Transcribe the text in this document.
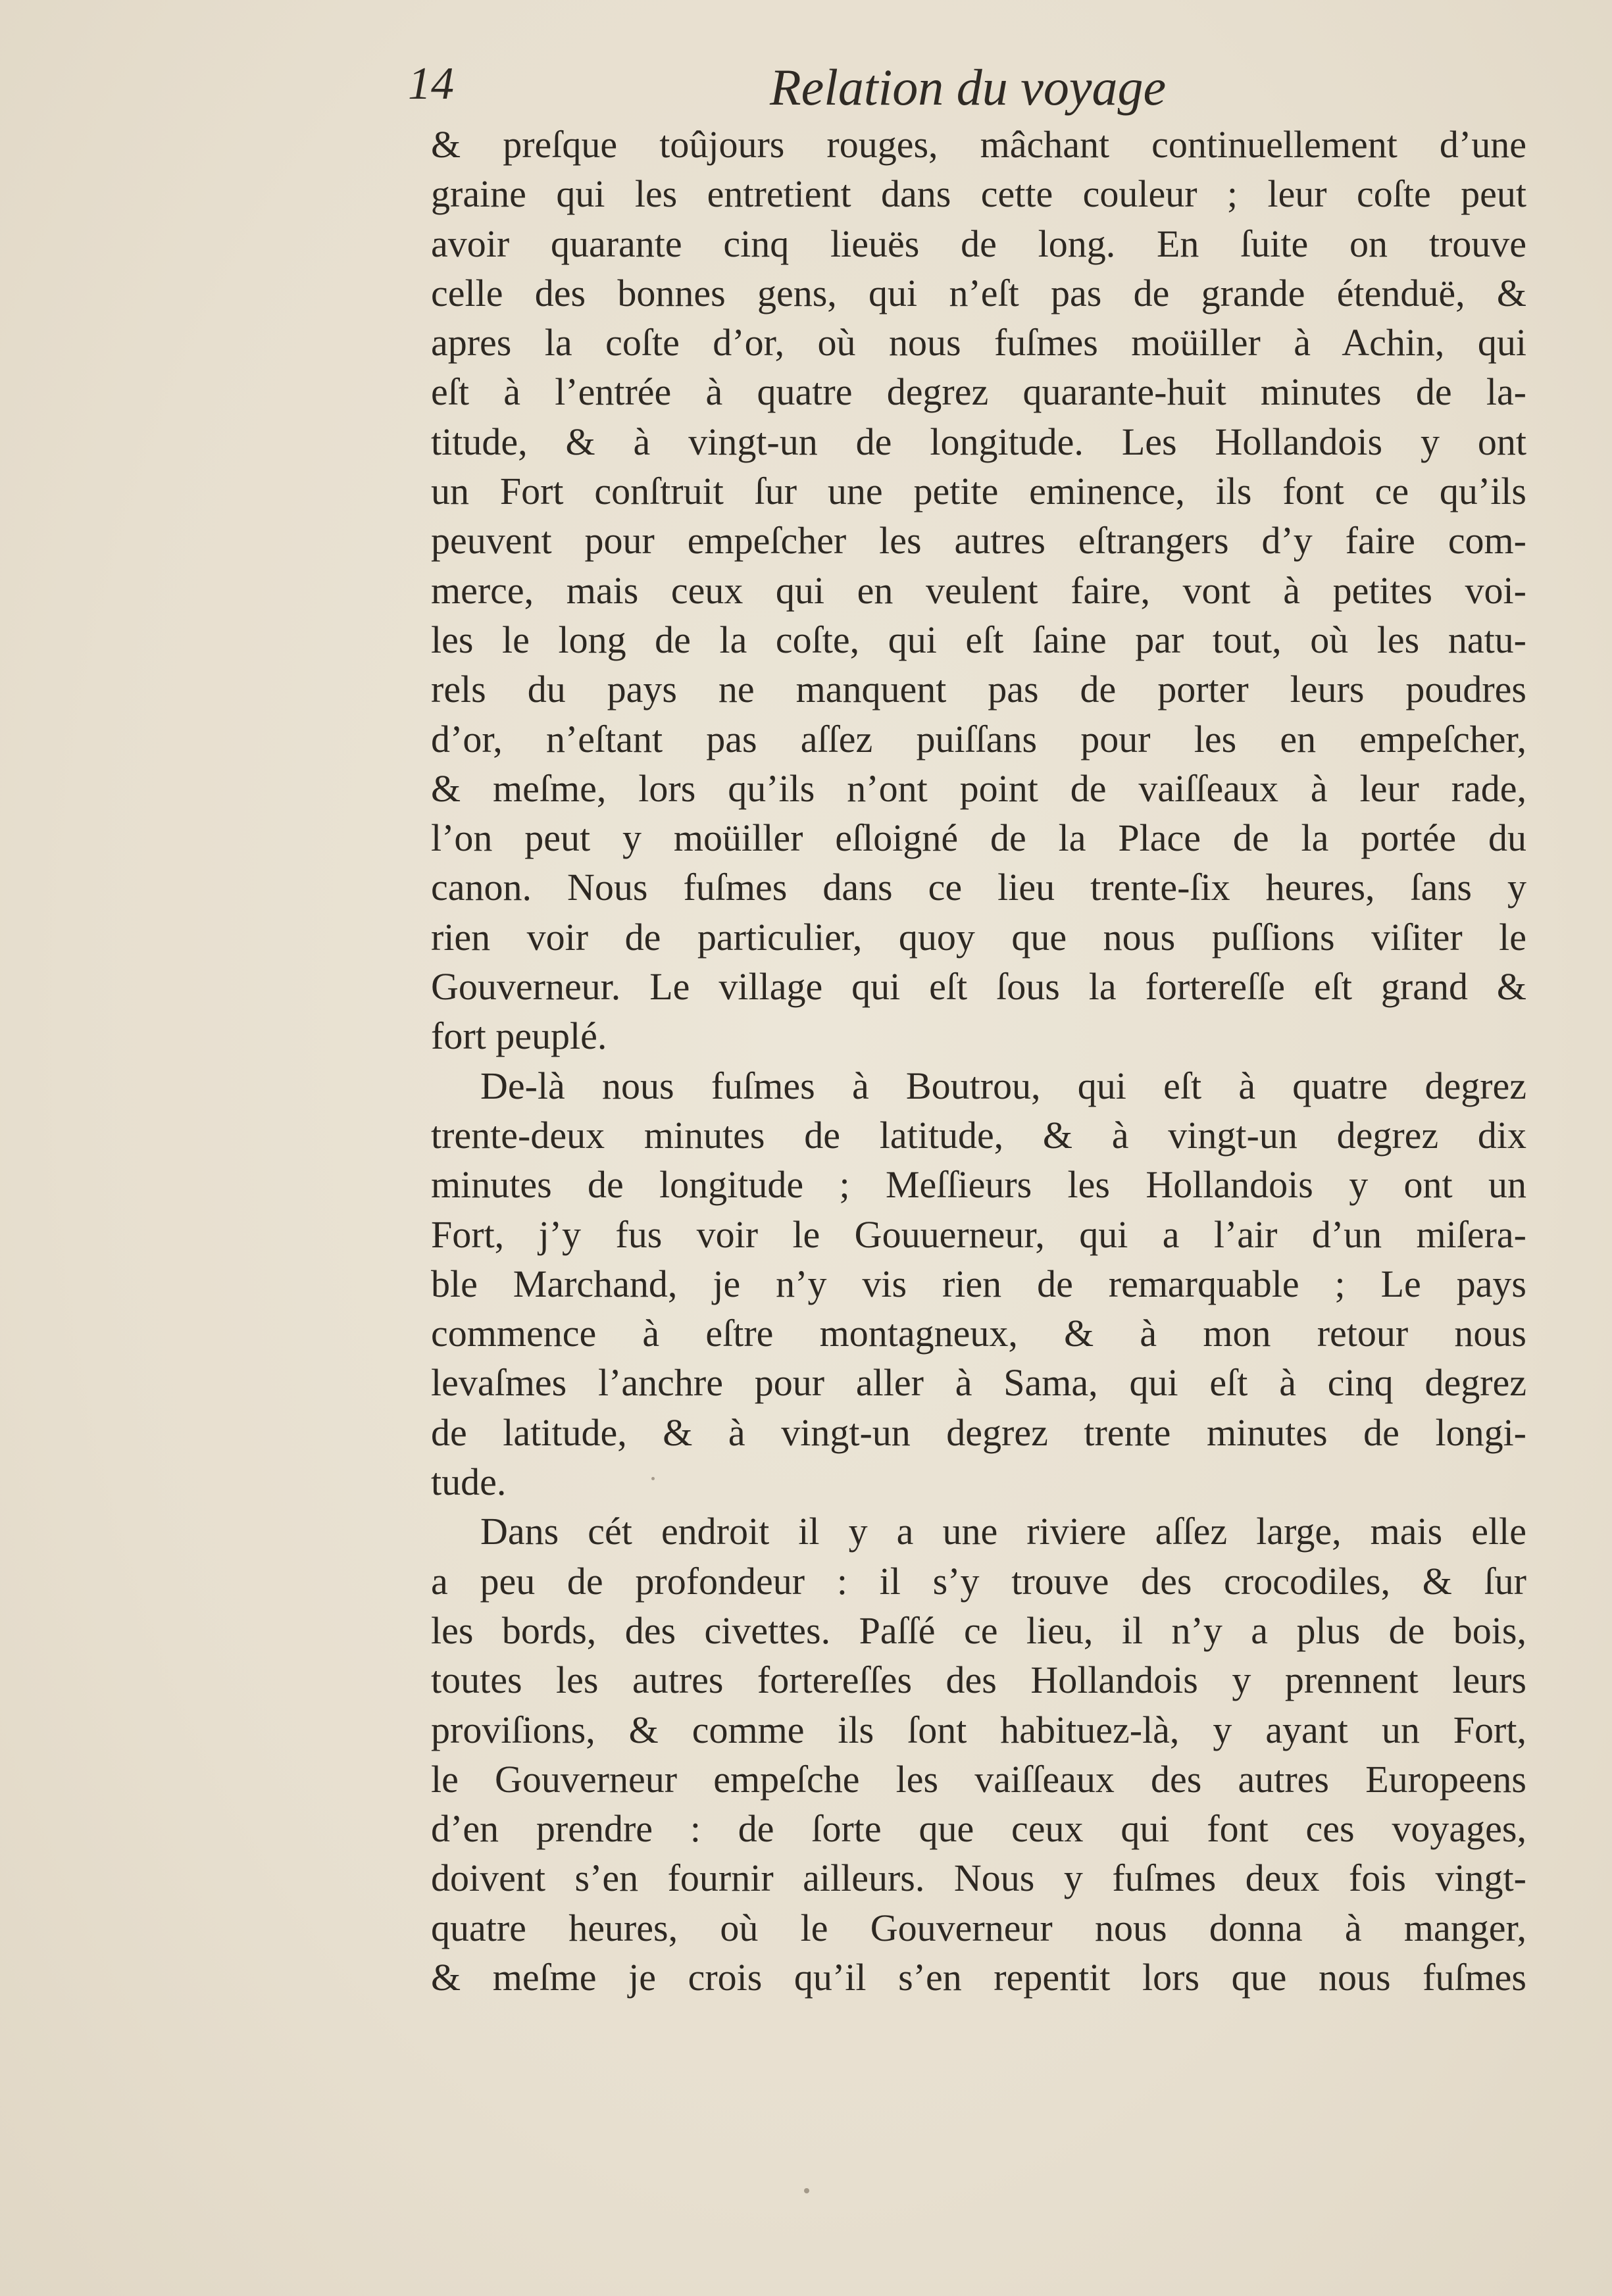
14	Relation du voyage
& preſque toûjours rouges, mâchant continuellement d’une
graine qui les entretient dans cette couleur ; leur coſte peut
avoir quarante cinq lieuës de long. En ſuite on trouve
celle des bonnes gens, qui n’eſt pas de grande étenduë, &
apres la coſte d’or, où nous fuſmes moüiller à Achin, qui
eſt à l’entrée à quatre degrez quarante-huit minutes de la-
titude, & à vingt-un de longitude. Les Hollandois y ont
un Fort conſtruit ſur une petite eminence, ils font ce qu’ils
peuvent pour empeſcher les autres eſtrangers d’y faire com-
merce, mais ceux qui en veulent faire, vont à petites voi-
les le long de la coſte, qui eſt ſaine par tout, où les natu-
rels du pays ne manquent pas de porter leurs poudres
d’or, n’eſtant pas aſſez puiſſans pour les en empeſcher,
& meſme, lors qu’ils n’ont point de vaiſſeaux à leur rade,
l’on peut y moüiller eſloigné de la Place de la portée du
canon. Nous fuſmes dans ce lieu trente-ſix heures, ſans y
rien voir de particulier, quoy que nous puſſions viſiter le
Gouverneur. Le village qui eſt ſous la fortereſſe eſt grand &
fort peuplé.
De-là nous fuſmes à Boutrou, qui eſt à quatre degrez
trente-deux minutes de latitude, & à vingt-un degrez dix
minutes de longitude ; Meſſieurs les Hollandois y ont un
Fort, j’y fus voir le Gouuerneur, qui a l’air d’un miſera-
ble Marchand, je n’y vis rien de remarquable ; Le pays
commence à eſtre montagneux, & à mon retour nous
levaſmes l’anchre pour aller à Sama, qui eſt à cinq degrez
de latitude, & à vingt-un degrez trente minutes de longi-
tude.
Dans cét endroit il y a une riviere aſſez large, mais elle
a peu de profondeur : il s’y trouve des crocodiles, & ſur
les bords, des civettes. Paſſé ce lieu, il n’y a plus de bois,
toutes les autres fortereſſes des Hollandois y prennent leurs
proviſions, & comme ils ſont habituez-là, y ayant un Fort,
le Gouverneur empeſche les vaiſſeaux des autres Europeens
d’en prendre : de ſorte que ceux qui font ces voyages,
doivent s’en fournir ailleurs. Nous y fuſmes deux fois vingt-
quatre heures, où le Gouverneur nous donna à manger,
& meſme je crois qu’il s’en repentit lors que nous fuſmes
